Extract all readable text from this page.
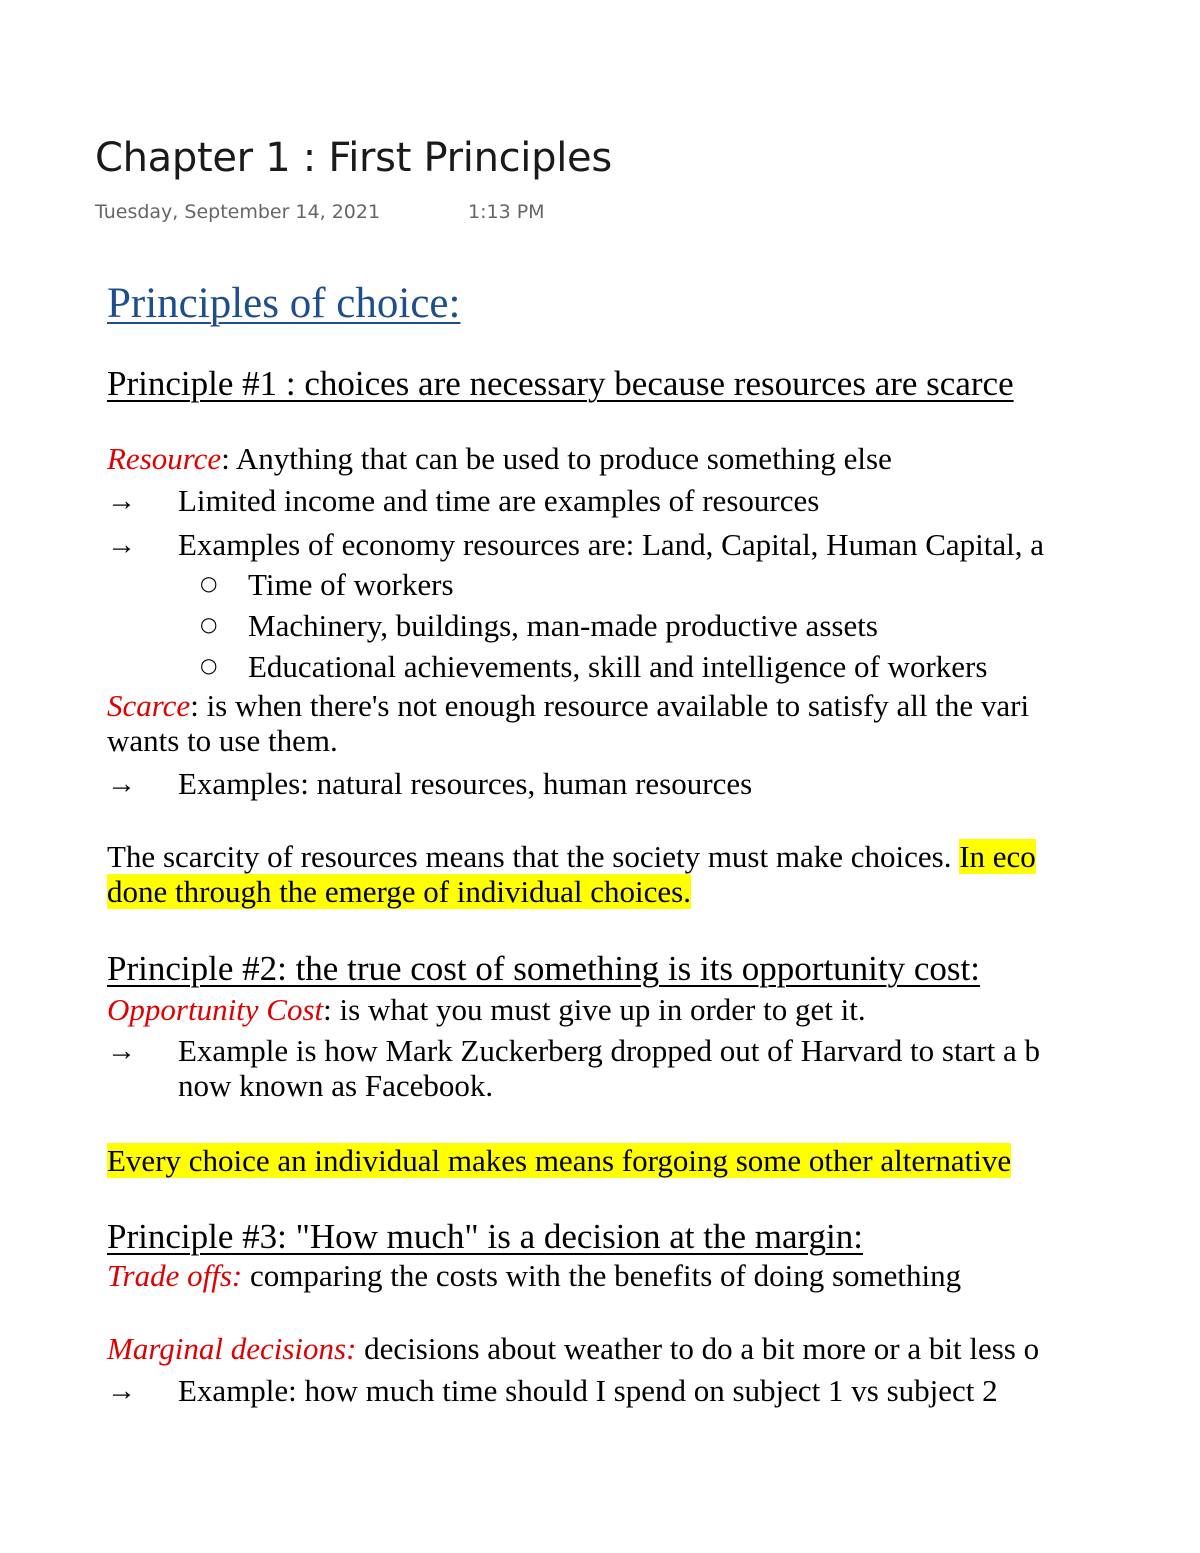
Chapter 1 : First Principles
Tuesday, September 14, 2021	1:13 PM
Principles of choice:
Principle #1 : choices are necessary because resources are scarce
Resource: Anything that can be used to produce something else
→ Limited income and time are examples of resources
→ Examples of economy resources are: Land, Capital, Human Capital, a
○ Time of workers
○ Machinery, buildings, man-made productive assets
○ Educational achievements, skill and intelligence of workers
Scarce: is when there's not enough resource available to satisfy all the vari
wants to use them.
→ Examples: natural resources, human resources
The scarcity of resources means that the society must make choices. In eco
done through the emerge of individual choices.
Principle #2: the true cost of something is its opportunity cost:
Opportunity Cost: is what you must give up in order to get it.
→ Example is how Mark Zuckerberg dropped out of Harvard to start a b
now known as Facebook.
Every choice an individual makes means forgoing some other alternative
Principle #3: "How much" is a decision at the margin:
Trade offs: comparing the costs with the benefits of doing something
Marginal decisions: decisions about weather to do a bit more or a bit less o
→ Example: how much time should I spend on subject 1 vs subject 2
